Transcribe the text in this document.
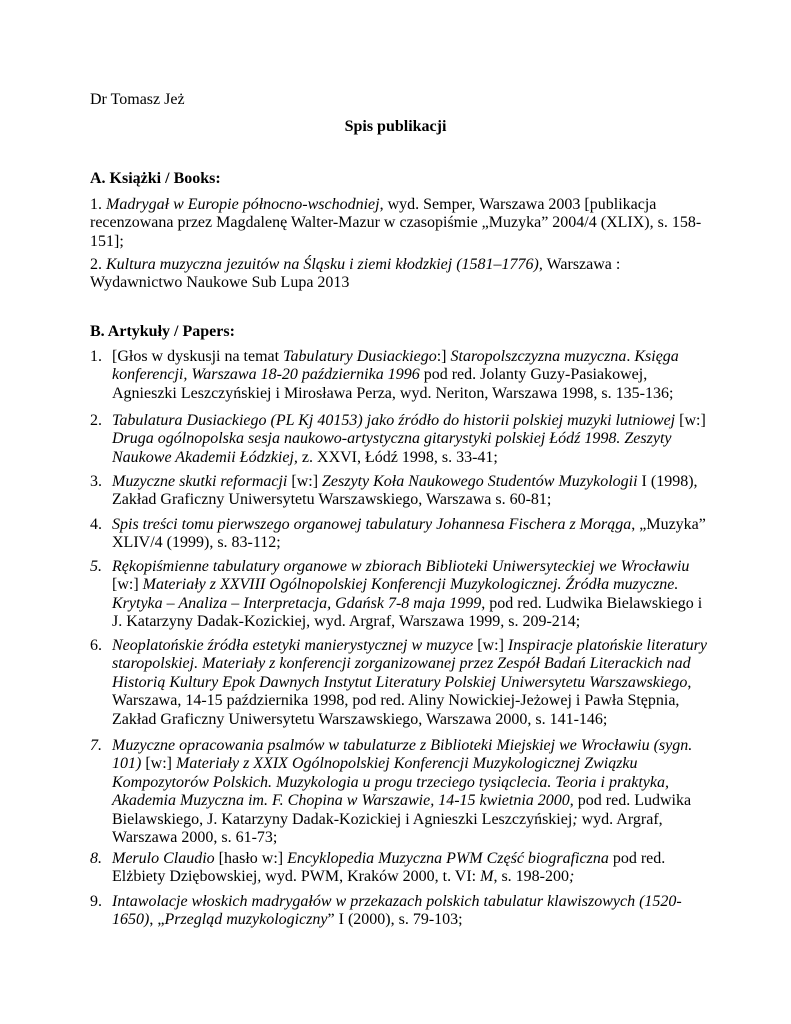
Dr Tomasz Jeż
Spis publikacji
A. Książki / Books:
1. Madrygał w Europie północno-wschodniej, wyd. Semper, Warszawa 2003 [publikacja recenzowana przez Magdalenę Walter-Mazur w czasopiśmie „Muzyka” 2004/4 (XLIX), s. 158-151];
2. Kultura muzyczna jezuitów na Śląsku i ziemi kłodzkiej (1581–1776), Warszawa : Wydawnictwo Naukowe Sub Lupa 2013
B. Artykuły / Papers:
1. [Głos w dyskusji na temat Tabulatury Dusiackiego:] Staropolszczyzna muzyczna. Księga konferencji, Warszawa 18-20 października 1996 pod red. Jolanty Guzy-Pasiakowej, Agnieszki Leszczyńskiej i Mirosława Perza, wyd. Neriton, Warszawa 1998, s. 135-136;
2. Tabulatura Dusiackiego (PL Kj 40153) jako źródło do historii polskiej muzyki lutniowej [w:] Druga ogólnopolska sesja naukowo-artystyczna gitarystyki polskiej Łódź 1998. Zeszyty Naukowe Akademii Łódzkiej, z. XXVI, Łódź 1998, s. 33-41;
3. Muzyczne skutki reformacji [w:] Zeszyty Koła Naukowego Studentów Muzykologii I (1998), Zakład Graficzny Uniwersytetu Warszawskiego, Warszawa s. 60-81;
4. Spis treści tomu pierwszego organowej tabulatury Johannesa Fischera z Morąga, „Muzyka” XLIV/4 (1999), s. 83-112;
5. Rękopiśmienne tabulatury organowe w zbiorach Biblioteki Uniwersyteckiej we Wrocławiu [w:] Materiały z XXVIII Ogólnopolskiej Konferencji Muzykologicznej. Źródła muzyczne. Krytyka – Analiza – Interpretacja, Gdańsk 7-8 maja 1999, pod red. Ludwika Bielawskiego i J. Katarzyny Dadak-Kozickiej, wyd. Argraf, Warszawa 1999, s. 209-214;
6. Neoplatońskie źródła estetyki manierystycznej w muzyce [w:] Inspiracje platońskie literatury staropolskiej. Materiały z konferencji zorganizowanej przez Zespół Badań Literackich nad Historią Kultury Epok Dawnych Instytut Literatury Polskiej Uniwersytetu Warszawskiego, Warszawa, 14-15 października 1998, pod red. Aliny Nowickiej-Jeżowej i Pawła Stępnia, Zakład Graficzny Uniwersytetu Warszawskiego, Warszawa 2000, s. 141-146;
7. Muzyczne opracowania psalmów w tabulaturze z Biblioteki Miejskiej we Wrocławiu (sygn. 101) [w:] Materiały z XXIX Ogólnopolskiej Konferencji Muzykologicznej Związku Kompozytorów Polskich. Muzykologia u progu trzeciego tysiąclecia. Teoria i praktyka, Akademia Muzyczna im. F. Chopina w Warszawie, 14-15 kwietnia 2000, pod red. Ludwika Bielawskiego, J. Katarzyny Dadak-Kozickiej i Agnieszki Leszczyńskiej; wyd. Argraf, Warszawa 2000, s. 61-73;
8. Merulo Claudio [hasło w:] Encyklopedia Muzyczna PWM Część biograficzna pod red. Elżbiety Dziębowskiej, wyd. PWM, Kraków 2000, t. VI: M, s. 198-200;
9. Intawolacje włoskich madrygałów w przekazach polskich tabulatur klawiszowych (1520-1650), „Przegląd muzykologiczny” I (2000), s. 79-103;
